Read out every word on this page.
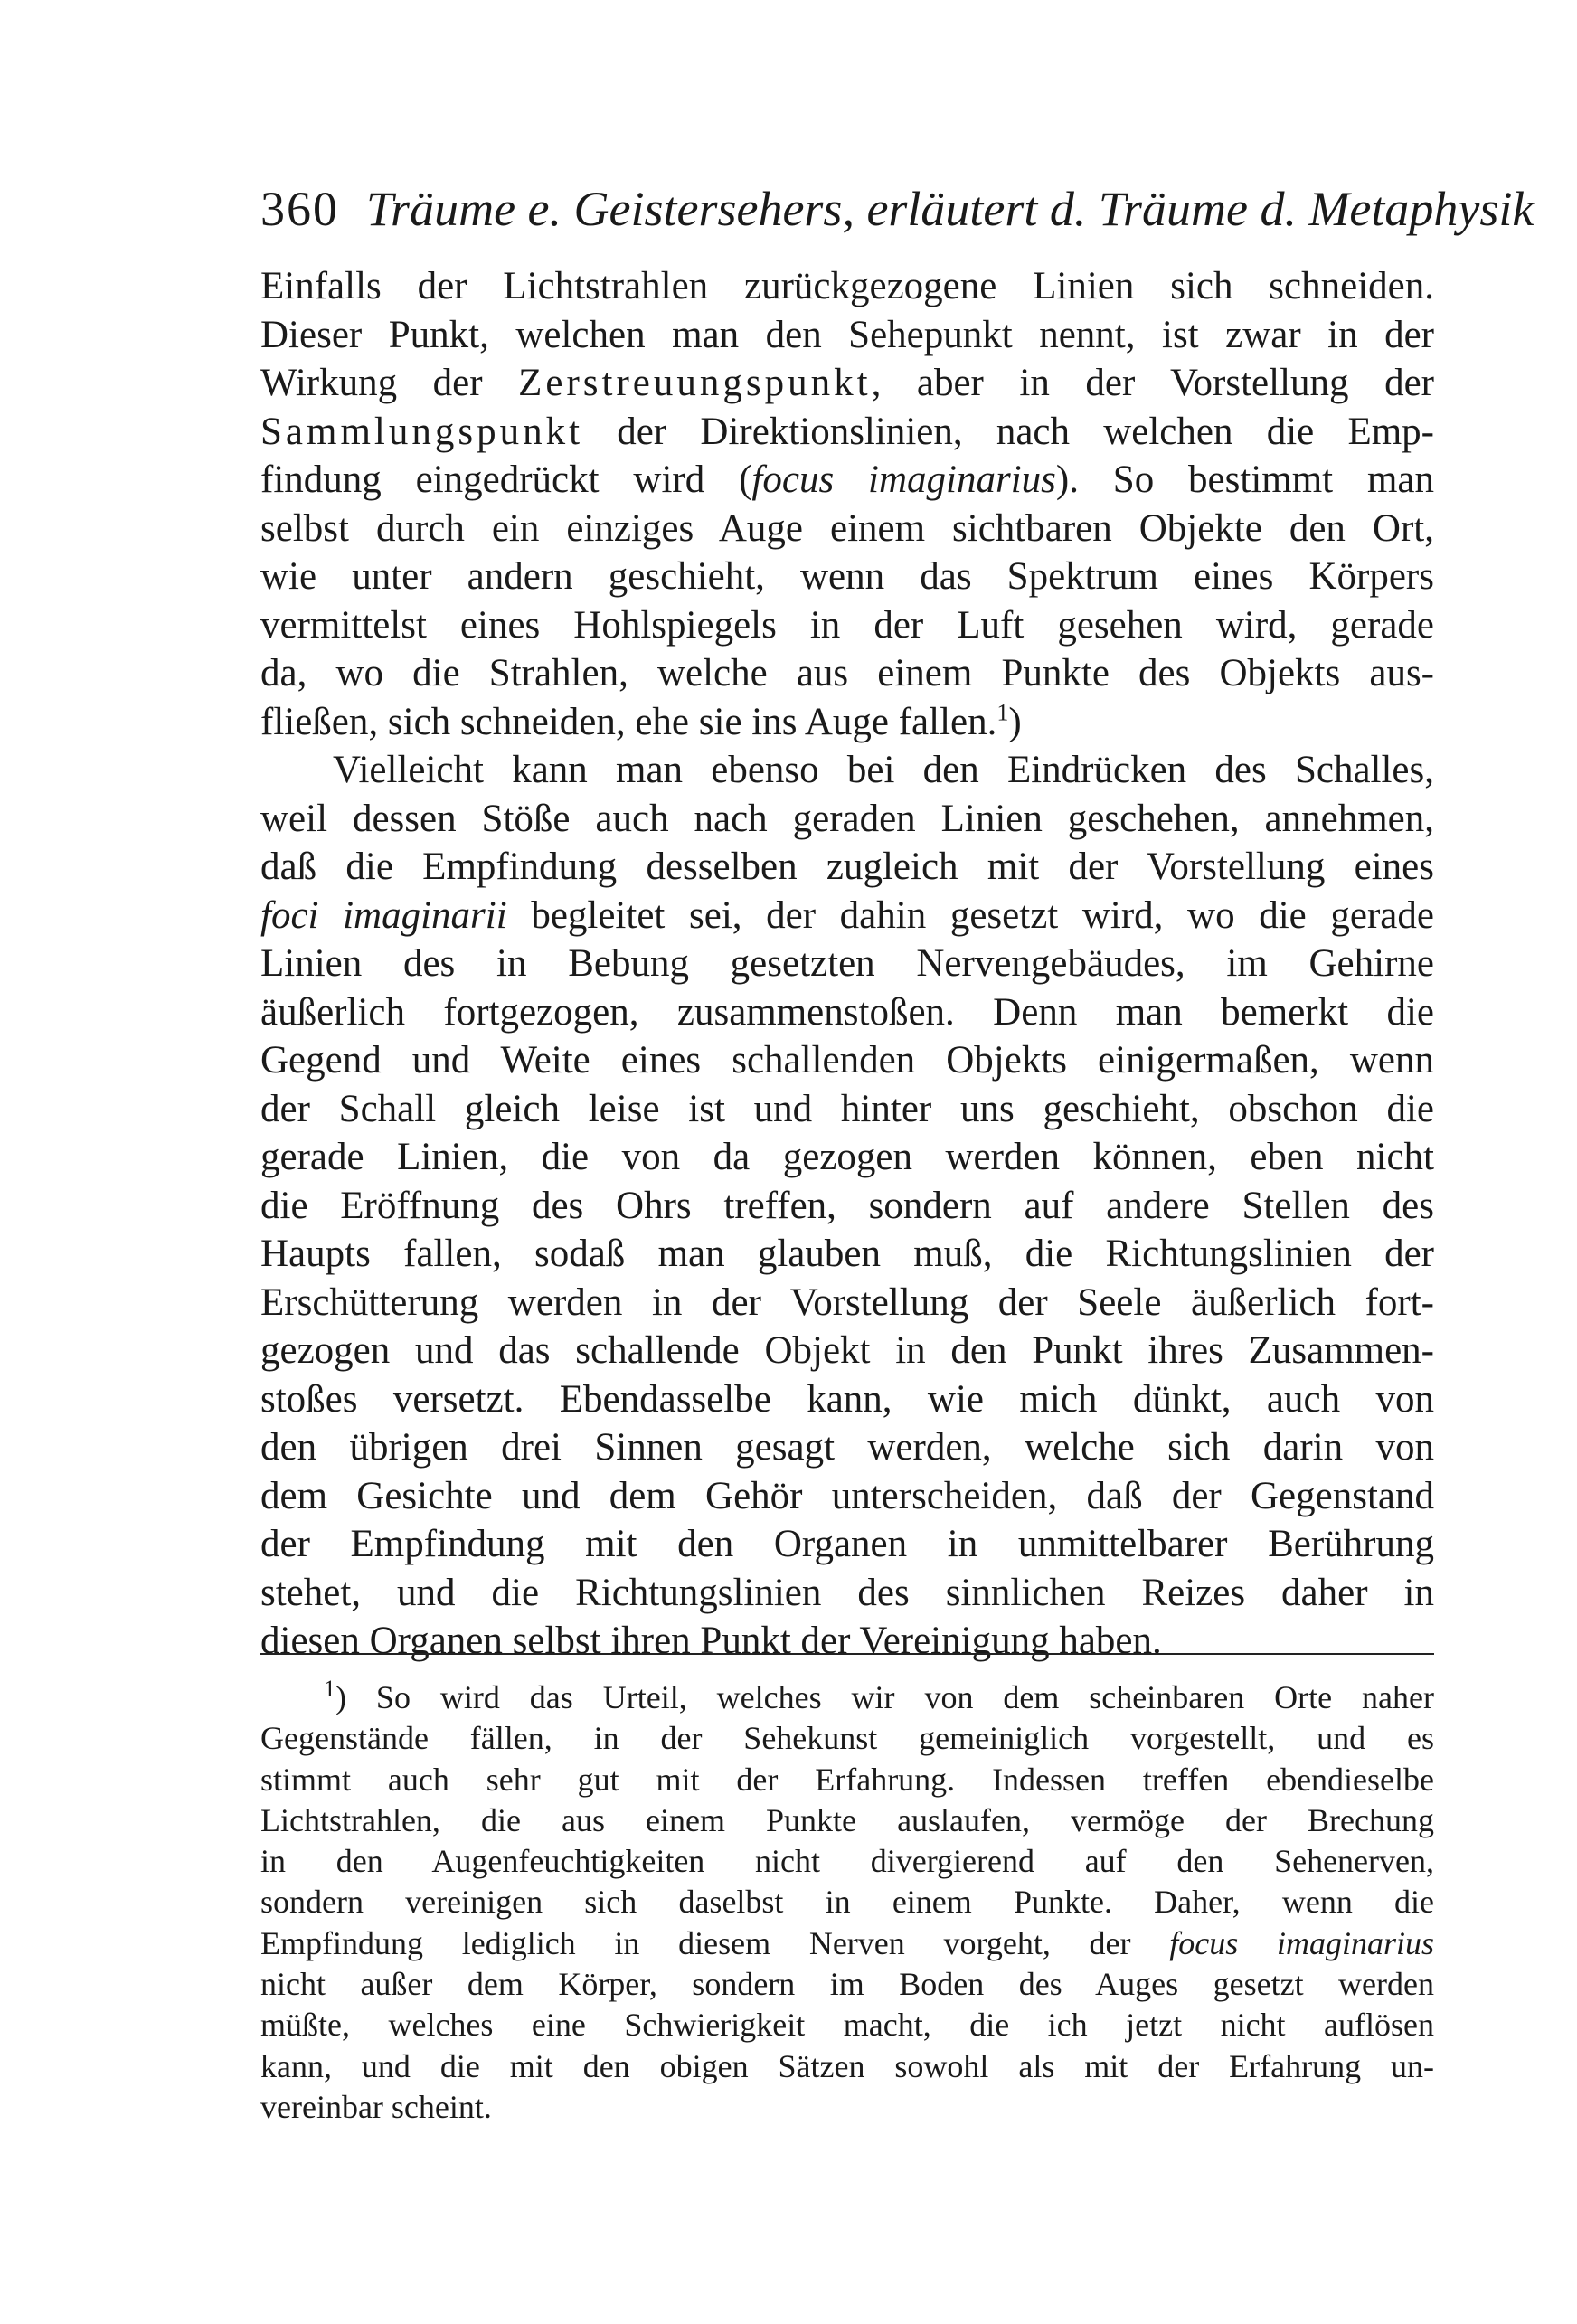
360 Träume e. Geistersehers, erläutert d. Träume d. Metaphysik
Einfalls der Lichtstrahlen zurückgezogene Linien sich schneiden.
Dieser Punkt, welchen man den Sehepunkt nennt, ist zwar in der
Wirkung der Zerstreuungspunkt, aber in der Vorstellung der
Sammlungspunkt der Direktionslinien, nach welchen die Emp-
findung eingedrückt wird (focus imaginarius). So bestimmt man
selbst durch ein einziges Auge einem sichtbaren Objekte den Ort,
wie unter andern geschieht, wenn das Spektrum eines Körpers
vermittelst eines Hohlspiegels in der Luft gesehen wird, gerade
da, wo die Strahlen, welche aus einem Punkte des Objekts aus-
fließen, sich schneiden, ehe sie ins Auge fallen.$^1$)
Vielleicht kann man ebenso bei den Eindrücken des Schalles,
weil dessen Stöße auch nach geraden Linien geschehen, annehmen,
daß die Empfindung desselben zugleich mit der Vorstellung eines
foci imaginarii begleitet sei, der dahin gesetzt wird, wo die gerade
Linien des in Bebung gesetzten Nervengebäudes, im Gehirne
äußerlich fortgezogen, zusammenstoßen. Denn man bemerkt die
Gegend und Weite eines schallenden Objekts einigermaßen, wenn
der Schall gleich leise ist und hinter uns geschieht, obschon die
gerade Linien, die von da gezogen werden können, eben nicht
die Eröffnung des Ohrs treffen, sondern auf andere Stellen des
Haupts fallen, sodaß man glauben muß, die Richtungslinien der
Erschütterung werden in der Vorstellung der Seele äußerlich fort-
gezogen und das schallende Objekt in den Punkt ihres Zusammen-
stoßes versetzt. Ebendasselbe kann, wie mich dünkt, auch von
den übrigen drei Sinnen gesagt werden, welche sich darin von
dem Gesichte und dem Gehör unterscheiden, daß der Gegenstand
der Empfindung mit den Organen in unmittelbarer Berührung
stehet, und die Richtungslinien des sinnlichen Reizes daher in
diesen Organen selbst ihren Punkt der Vereinigung haben.
$^1$) So wird das Urteil, welches wir von dem scheinbaren Orte naher
Gegenstände fällen, in der Sehekunst gemeiniglich vorgestellt, und es
stimmt auch sehr gut mit der Erfahrung. Indessen treffen ebendieselbe
Lichtstrahlen, die aus einem Punkte auslaufen, vermöge der Brechung
in den Augenfeuchtigkeiten nicht divergierend auf den Sehenerven,
sondern vereinigen sich daselbst in einem Punkte. Daher, wenn die
Empfindung lediglich in diesem Nerven vorgeht, der focus imaginarius
nicht außer dem Körper, sondern im Boden des Auges gesetzt werden
müßte, welches eine Schwierigkeit macht, die ich jetzt nicht auflösen
kann, und die mit den obigen Sätzen sowohl als mit der Erfahrung un-
vereinbar scheint.
